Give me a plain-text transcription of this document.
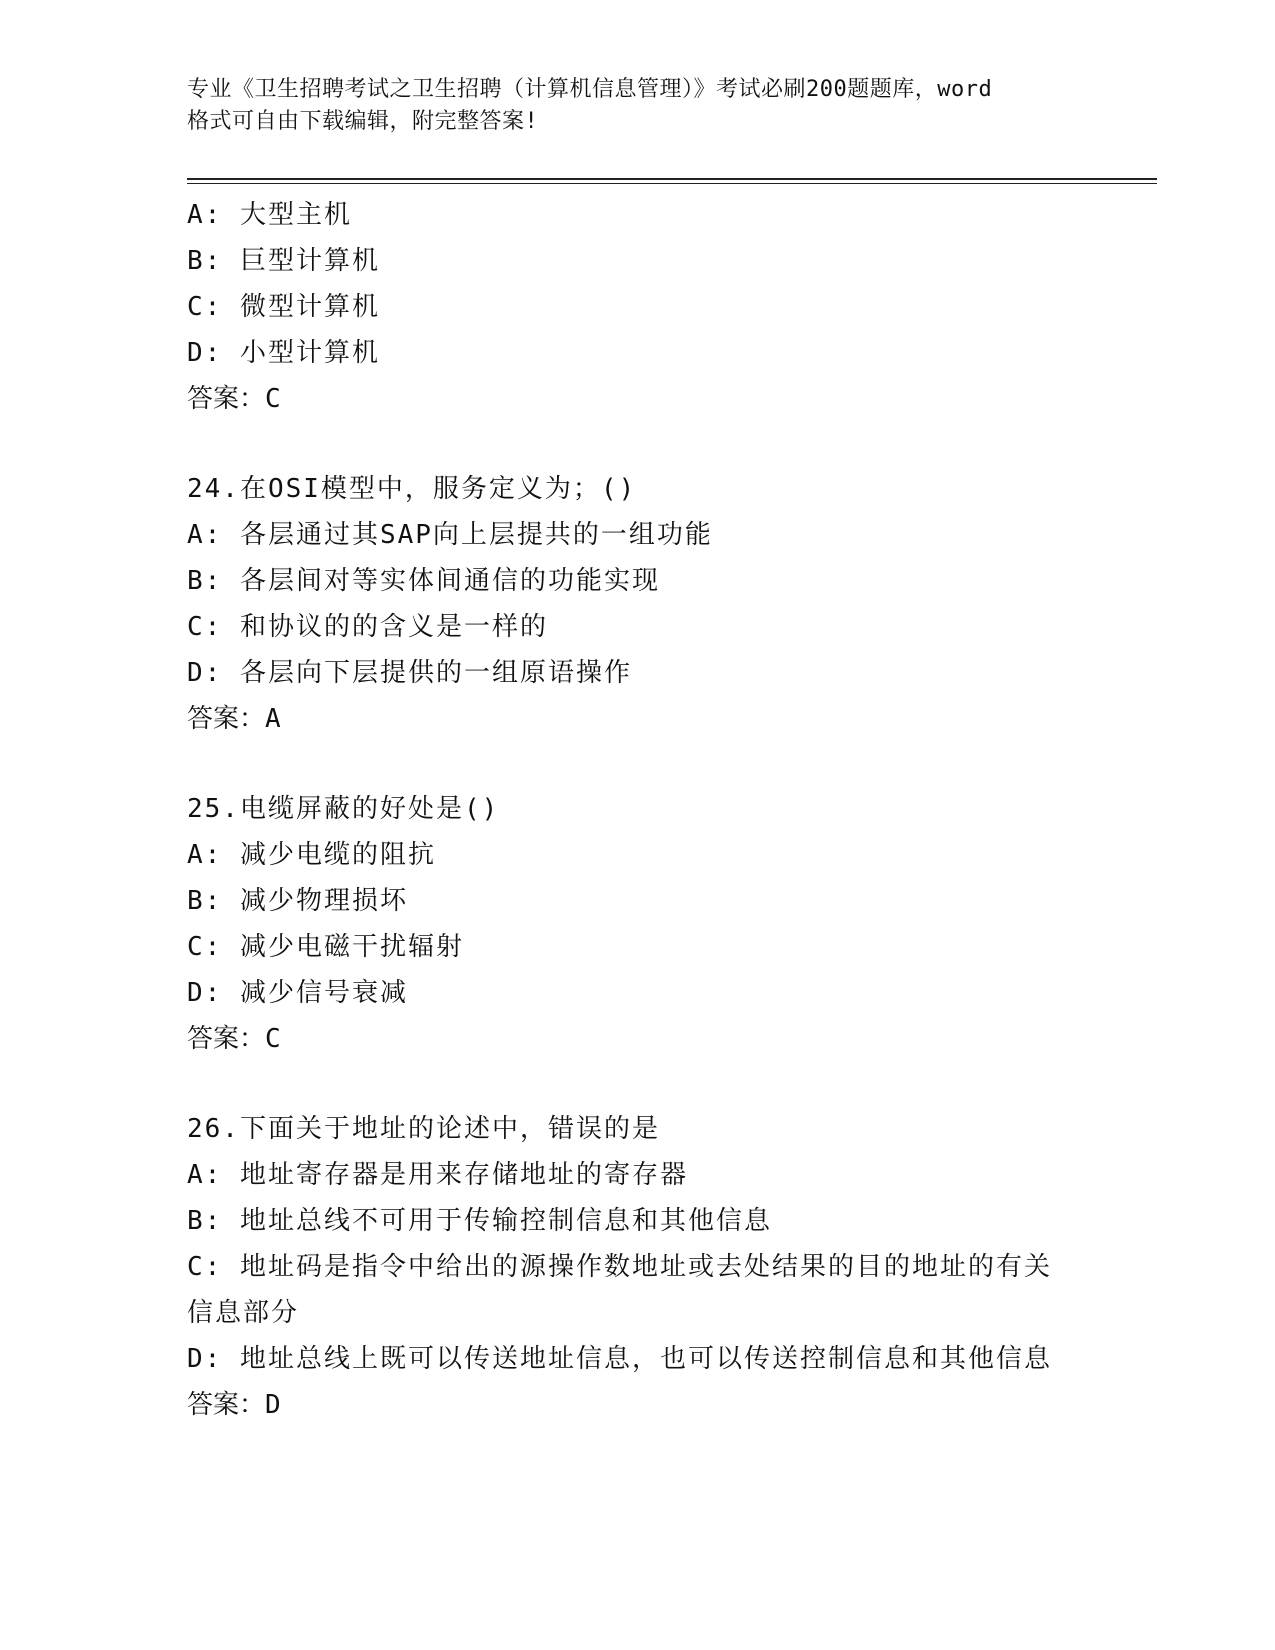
专业《卫生招聘考试之卫生招聘（计算机信息管理）》考试必刷200题题库，word
格式可自由下载编辑，附完整答案!
A: 大型主机
B: 巨型计算机
C: 微型计算机
D: 小型计算机
答案：C
24.在OSI模型中，服务定义为；()
A: 各层通过其SAP向上层提共的一组功能
B: 各层间对等实体间通信的功能实现
C: 和协议的的含义是一样的
D: 各层向下层提供的一组原语操作
答案：A
25.电缆屏蔽的好处是()
A: 减少电缆的阻抗
B: 减少物理损坏
C: 减少电磁干扰辐射
D: 减少信号衰减
答案：C
26.下面关于地址的论述中，错误的是
A: 地址寄存器是用来存储地址的寄存器
B: 地址总线不可用于传输控制信息和其他信息
C: 地址码是指令中给出的源操作数地址或去处结果的目的地址的有关
信息部分
D: 地址总线上既可以传送地址信息，也可以传送控制信息和其他信息
答案：D
